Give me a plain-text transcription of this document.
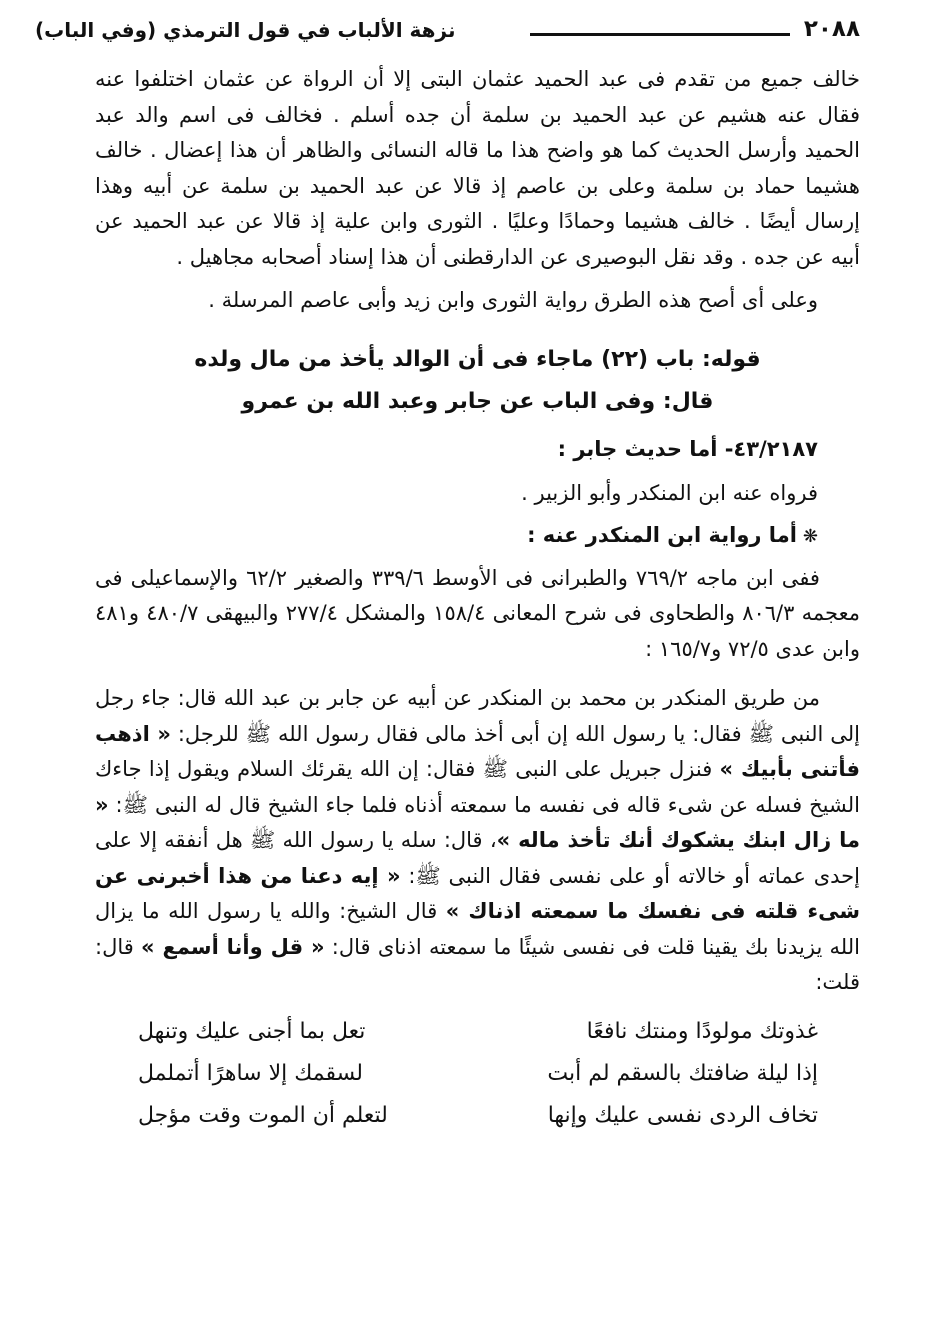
٢٠٨٨
نزهة الألباب في قول الترمذي (وفي الباب)

خالف جميع من تقدم فى عبد الحميد عثمان البتى إلا أن الرواة عن عثمان اختلفوا عنه فقال عنه هشيم عن عبد الحميد بن سلمة أن جده أسلم . فخالف فى اسم والد عبد الحميد وأرسل الحديث كما هو واضح هذا ما قاله النسائى والظاهر أن هذا إعضال . خالف هشيما حماد بن سلمة وعلى بن عاصم إذ قالا عن عبد الحميد بن سلمة عن أبيه وهذا إرسال أيضًا . خالف هشيما وحمادًا وعليًا . الثورى وابن علية إذ قالا عن عبد الحميد عن أبيه عن جده . وقد نقل البوصيرى عن الدارقطنى أن هذا إسناد أصحابه مجاهيل .

وعلى أى أصح هذه الطرق رواية الثورى وابن زيد وأبى عاصم المرسلة .

قوله: باب (٢٢) ماجاء فى أن الوالد يأخذ من مال ولده

قال: وفى الباب عن جابر وعبد الله بن عمرو

٤٣/٢١٨٧- أما حديث جابر :

فرواه عنه ابن المنكدر وأبو الزبير .

❋أما رواية ابن المنكدر عنه :

ففى ابن ماجه ٧٦٩/٢ والطبرانى فى الأوسط ٣٣٩/٦ والصغير ٦٢/٢ والإسماعيلى فى معجمه ٨٠٦/٣ والطحاوى فى شرح المعانى ١٥٨/٤ والمشكل ٢٧٧/٤ والبيهقى ٤٨٠/٧ و٤٨١ وابن عدى ٧٢/٥ و١٦٥/٧ :

من طريق المنكدر بن محمد بن المنكدر عن أبيه عن جابر بن عبد الله قال: جاء رجل إلى النبى ﷺ فقال: يا رسول الله إن أبى أخذ مالى فقال رسول الله ﷺ للرجل: « اذهب فأتنى بأبيك » فنزل جبريل على النبى ﷺ فقال: إن الله يقرئك السلام ويقول إذا جاءك الشيخ فسله عن شىء قاله فى نفسه ما سمعته أذناه فلما جاء الشيخ قال له النبى ﷺ: « ما زال ابنك يشكوك أنك تأخذ ماله »، قال: سله يا رسول الله ﷺ هل أنفقه إلا على إحدى عماته أو خالاته أو على نفسى فقال النبى ﷺ: « إيه دعنا من هذا أخبرنى عن شىء قلته فى نفسك ما سمعته اذناك » قال الشيخ: والله يا رسول الله ما يزال الله يزيدنا بك يقينا قلت فى نفسى شيئًا ما سمعته اذناى قال: « قل وأنا أسمع » قال: قلت:

غذوتك مولودًا ومنتك نافعًا
تعل بما أجنى عليك وتنهل
إذا ليلة ضافتك بالسقم لم أبت
لسقمك إلا ساهرًا أتململ
تخاف الردى نفسى عليك وإنها
لتعلم أن الموت وقت مؤجل
